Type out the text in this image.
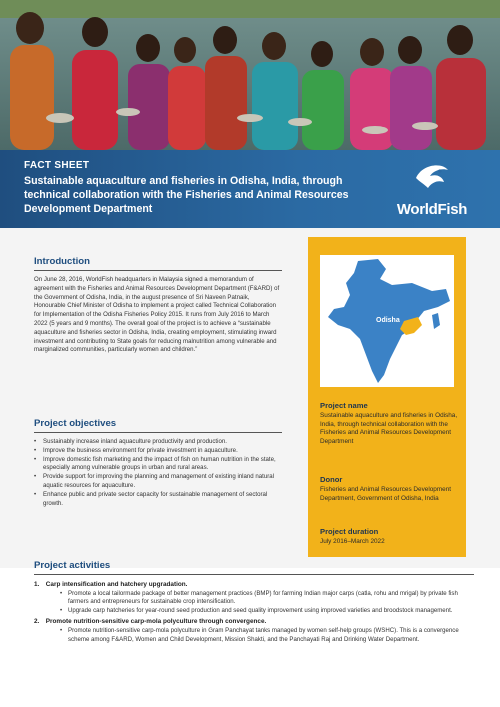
FACT SHEET
Sustainable aquaculture and fisheries in Odisha, India, through technical collaboration with the Fisheries and Animal Resources Development Department	WorldFish
Introduction

On June 28, 2016, WorldFish headquarters in Malaysia signed a memorandum of agreement with the Fisheries and Animal Resources Development Department (F&ARD) of the Government of Odisha, India, in the august presence of Sri Naveen Patnaik, Honourable Chief Minister of Odisha to implement a project called Technical Collaboration for Implementation of the Odisha Fisheries Policy 2015. It runs from July 2016 to March 2022 (5 years and 9 months). The overall goal of the project is to achieve a “sustainable aquaculture and fisheries sector in Odisha, India, creating employment, stimulating inward investment and contributing to State goals for reducing malnutrition among vulnerable and marginalized communities, particularly women and children.”

Project objectives
• Sustainably increase inland aquaculture productivity and production.
• Improve the business environment for private investment in aquaculture.
• Improve domestic fish marketing and the impact of fish on human nutrition in the state, especially among vulnerable groups in urban and rural areas.
• Provide support for improving the planning and management of existing inland natural aquatic resources for aquaculture.
• Enhance public and private sector capacity for sustainable management of sectoral growth.
Odisha
Project name

Sustainable aquaculture and fisheries in Odisha, India, through technical collaboration with the Fisheries and Animal Resources Development Department

Donor

Fisheries and Animal Resources Development Department, Government of Odisha, India

Project duration

July 2016–March 2022

Project activities
1. Carp intensification and hatchery upgradation.
• Promote a local tailormade package of better management practices (BMP) for farming Indian major carps (catla, rohu and mrigal) by private fish farmers and entrepreneurs for sustainable crop intensification.
• Upgrade carp hatcheries for year-round seed production and seed quality improvement using improved varieties and broodstock management.
2. Promote nutrition-sensitive carp-mola polyculture through convergence.
• Promote nutrition-sensitive carp-mola polyculture in Gram Panchayat tanks managed by women self-help groups (WSHC). This is a convergence scheme among F&ARD, Women and Child Development, Mission Shakti, and the Panchayati Raj and Drinking Water Department.
